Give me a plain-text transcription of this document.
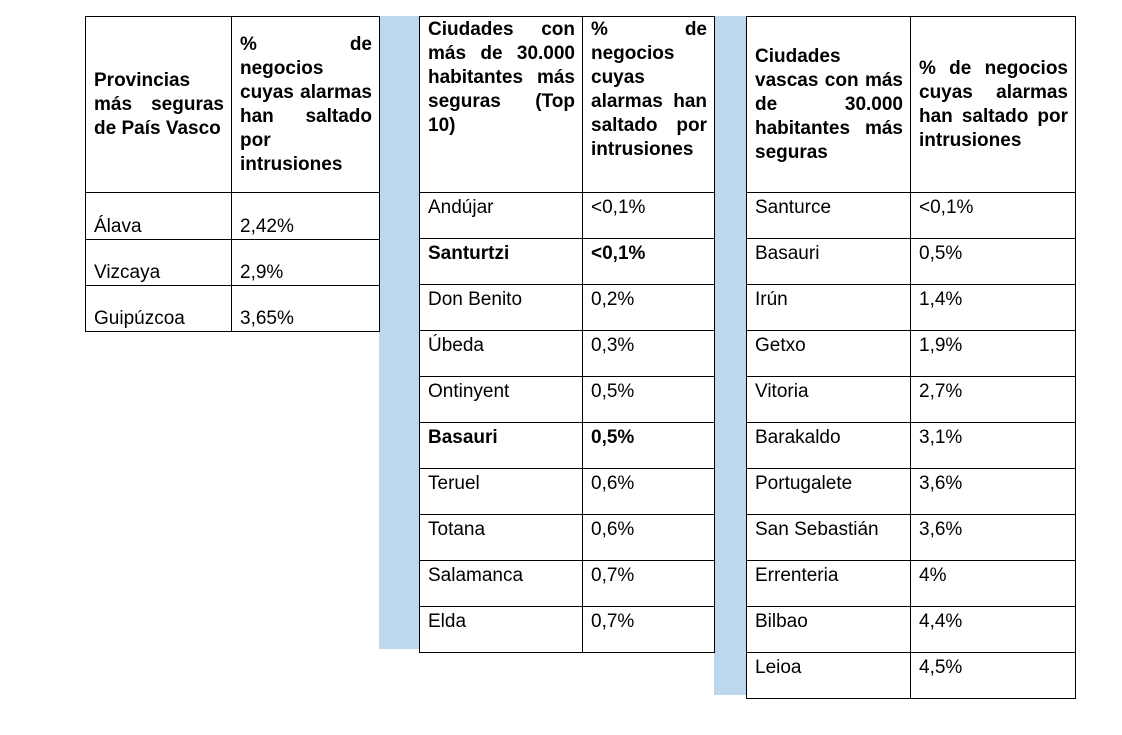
Provincias más seguras de País Vasco	% de negocios cuyas alarmas han saltado por intrusiones

Álava	2,42%

Vizcaya	2,9%

Guipúzcoa	3,65%
Ciudades con más de 30.000 habitantes más seguras (Top 10)	% de negocios cuyas alarmas han saltado por intrusiones

Andújar	<0,1%

Santurtzi	<0,1%

Don Benito	0,2%

Úbeda	0,3%

Ontinyent	0,5%

Basauri	0,5%

Teruel	0,6%

Totana	0,6%

Salamanca	0,7%

Elda	0,7%
Ciudades vascas con más de 30.000 habitantes más seguras	% de negocios cuyas alarmas han saltado por intrusiones

Santurce	<0,1%

Basauri	0,5%

Irún	1,4%

Getxo	1,9%

Vitoria	2,7%

Barakaldo	3,1%

Portugalete	3,6%

San Sebastián	3,6%

Errenteria	4%

Bilbao	4,4%

Leioa	4,5%
